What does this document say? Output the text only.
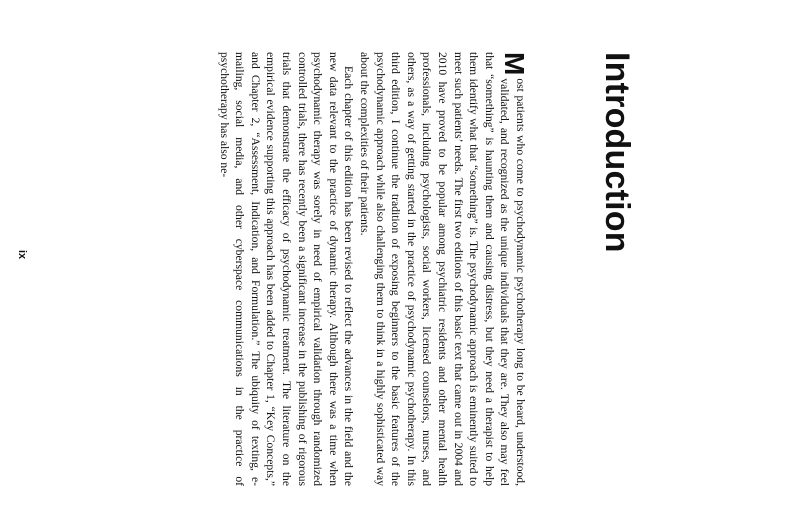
Introduction

M
ost patients who come to psychodynamic psychotherapy long to be heard, understood, validated, and recognized as the unique individuals that they are. They also may feel that “something” is haunting them and causing distress, but they need a therapist to help them identify what that “something” is. The psychodynamic approach is eminently suited to meet such patients’ needs. The first two editions of this basic text that came out in 2004 and 2010 have proved to be popular among psychiatric residents and other mental health professionals, including psychologists, social workers, licensed counselors, nurses, and others, as a way of getting started in the practice of psychodynamic psychotherapy. In this third edition, I continue the tradition of exposing beginners to the basic features of the psychodynamic approach while also challenging them to think in a highly sophisticated way about the complexities of their patients.

Each chapter of this edition has been revised to reflect the advances in the field and the new data relevant to the practice of dynamic therapy. Although there was a time when psychodynamic therapy was sorely in need of empirical validation through randomized controlled trials, there has recently been a significant increase in the publishing of rigorous trials that demonstrate the efficacy of psychodynamic treatment. The literature on the empirical evidence supporting this approach has been added to Chapter 1, “Key Concepts,” and Chapter 2, “Assessment, Indication, and Formulation.” The ubiquity of texting, e-mailing, social media, and other cyberspace communications in the practice of psychotherapy has also ne-

ix
